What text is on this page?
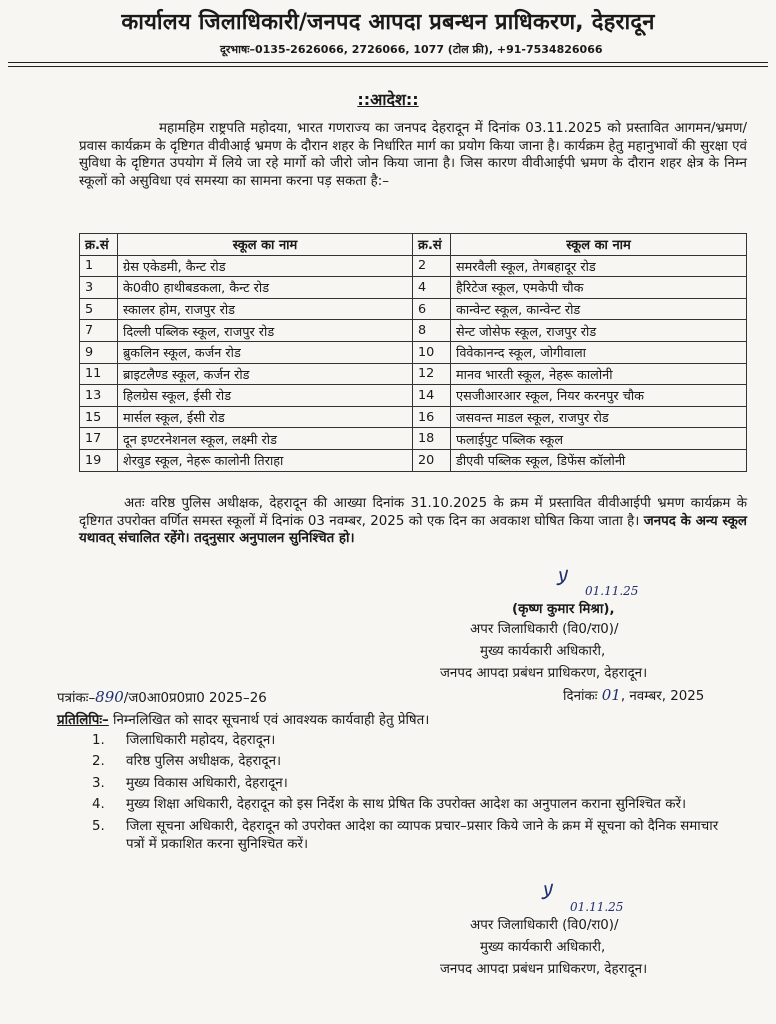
कार्यालय जिलाधिकारी/जनपद आपदा प्रबन्धन प्राधिकरण, देहरादून
दूरभाषः–0135-2626066, 2726066, 1077 (टोल फ्री), +91-7534826066
::आदेश::
महामहिम राष्ट्रपति महोदया, भारत गणराज्य का जनपद देहरादून में दिनांक 03.11.2025 को प्रस्तावित आगमन/भ्रमण/प्रवास कार्यक्रम के दृष्टिगत वीवीआई भ्रमण के दौरान शहर के निर्धारित मार्ग का प्रयोग किया जाना है। कार्यक्रम हेतु महानुभावों की सुरक्षा एवं सुविधा के दृष्टिगत उपयोग में लिये जा रहे मार्गो को जीरो जोन किया जाना है। जिस कारण वीवीआईपी भ्रमण के दौरान शहर क्षेत्र के निम्न स्कूलों को असुविधा एवं समस्या का सामना करना पड़ सकता है:–
क्र.सं	स्कूल का नाम	क्र.सं	स्कूल का नाम
1	ग्रेस एकेडमी, कैन्ट रोड	2	समरवैली स्कूल, तेगबहादूर रोड
3	के0वी0 हाथीबडकला, कैन्ट रोड	4	हैरिटेज स्कूल, एमकेपी चौक
5	स्कालर होम, राजपुर रोड	6	कान्वेन्ट स्कूल, कान्वेन्ट रोड
7	दिल्ली पब्लिक स्कूल, राजपुर रोड	8	सेन्ट जोसेफ स्कूल, राजपुर रोड
9	ब्रुकलिन स्कूल, कर्जन रोड	10	विवेकानन्द स्कूल, जोगीवाला
11	ब्राइटलैण्ड स्कूल, कर्जन रोड	12	मानव भारती स्कूल, नेहरू कालोनी
13	हिलग्रेस स्कूल, ईसी रोड	14	एसजीआरआर स्कूल, नियर करनपुर चौक
15	मार्सल स्कूल, ईसी रोड	16	जसवन्त माडल स्कूल, राजपुर रोड
17	दून इण्टरनेशनल स्कूल, लक्ष्मी रोड	18	फलाईपुट पब्लिक स्कूल
19	शेरवुड स्कूल, नेहरू कालोनी तिराहा	20	डीएवी पब्लिक स्कूल, डिफेंस कॉलोनी
अतः वरिष्ठ पुलिस अधीक्षक, देहरादून की आख्या दिनांक 31.10.2025 के क्रम में प्रस्तावित वीवीआईपी भ्रमण कार्यक्रम के दृष्टिगत उपरोक्त वर्णित समस्त स्कूलों में दिनांक 03 नवम्बर, 2025 को एक दिन का अवकाश घोषित किया जाता है। जनपद के अन्य स्कूल यथावत् संचालित रहेंगे। तद्नुसार अनुपालन सुनिश्चित हो।
ﻻ
01.11.25
(कृष्ण कुमार मिश्रा),
अपर जिलाधिकारी (वि0/रा0)/
मुख्य कार्यकारी अधिकारी,
जनपद आपदा प्रबंधन प्राधिकरण, देहरादून।
दिनांकः 01, नवम्बर, 2025
पत्रांकः–890/ज0आ0प्र0प्रा0 2025–26
प्रतिलिपिः– निम्नलिखित को सादर सूचनार्थ एवं आवश्यक कार्यवाही हेतु प्रेषित।
1. जिलाधिकारी महोदय, देहरादून।
2. वरिष्ठ पुलिस अधीक्षक, देहरादून।
3. मुख्य विकास अधिकारी, देहरादून।
4. मुख्य शिक्षा अधिकारी, देहरादून को इस निर्देश के साथ प्रेषित कि उपरोक्त आदेश का अनुपालन कराना सुनिश्चित करें।
5. जिला सूचना अधिकारी, देहरादून को उपरोक्त आदेश का व्यापक प्रचार–प्रसार किये जाने के क्रम में सूचना को दैनिक समाचार पत्रों में प्रकाशित करना सुनिश्चित करें।
ﻻ
01.11.25
अपर जिलाधिकारी (वि0/रा0)/
मुख्य कार्यकारी अधिकारी,
जनपद आपदा प्रबंधन प्राधिकरण, देहरादून।
